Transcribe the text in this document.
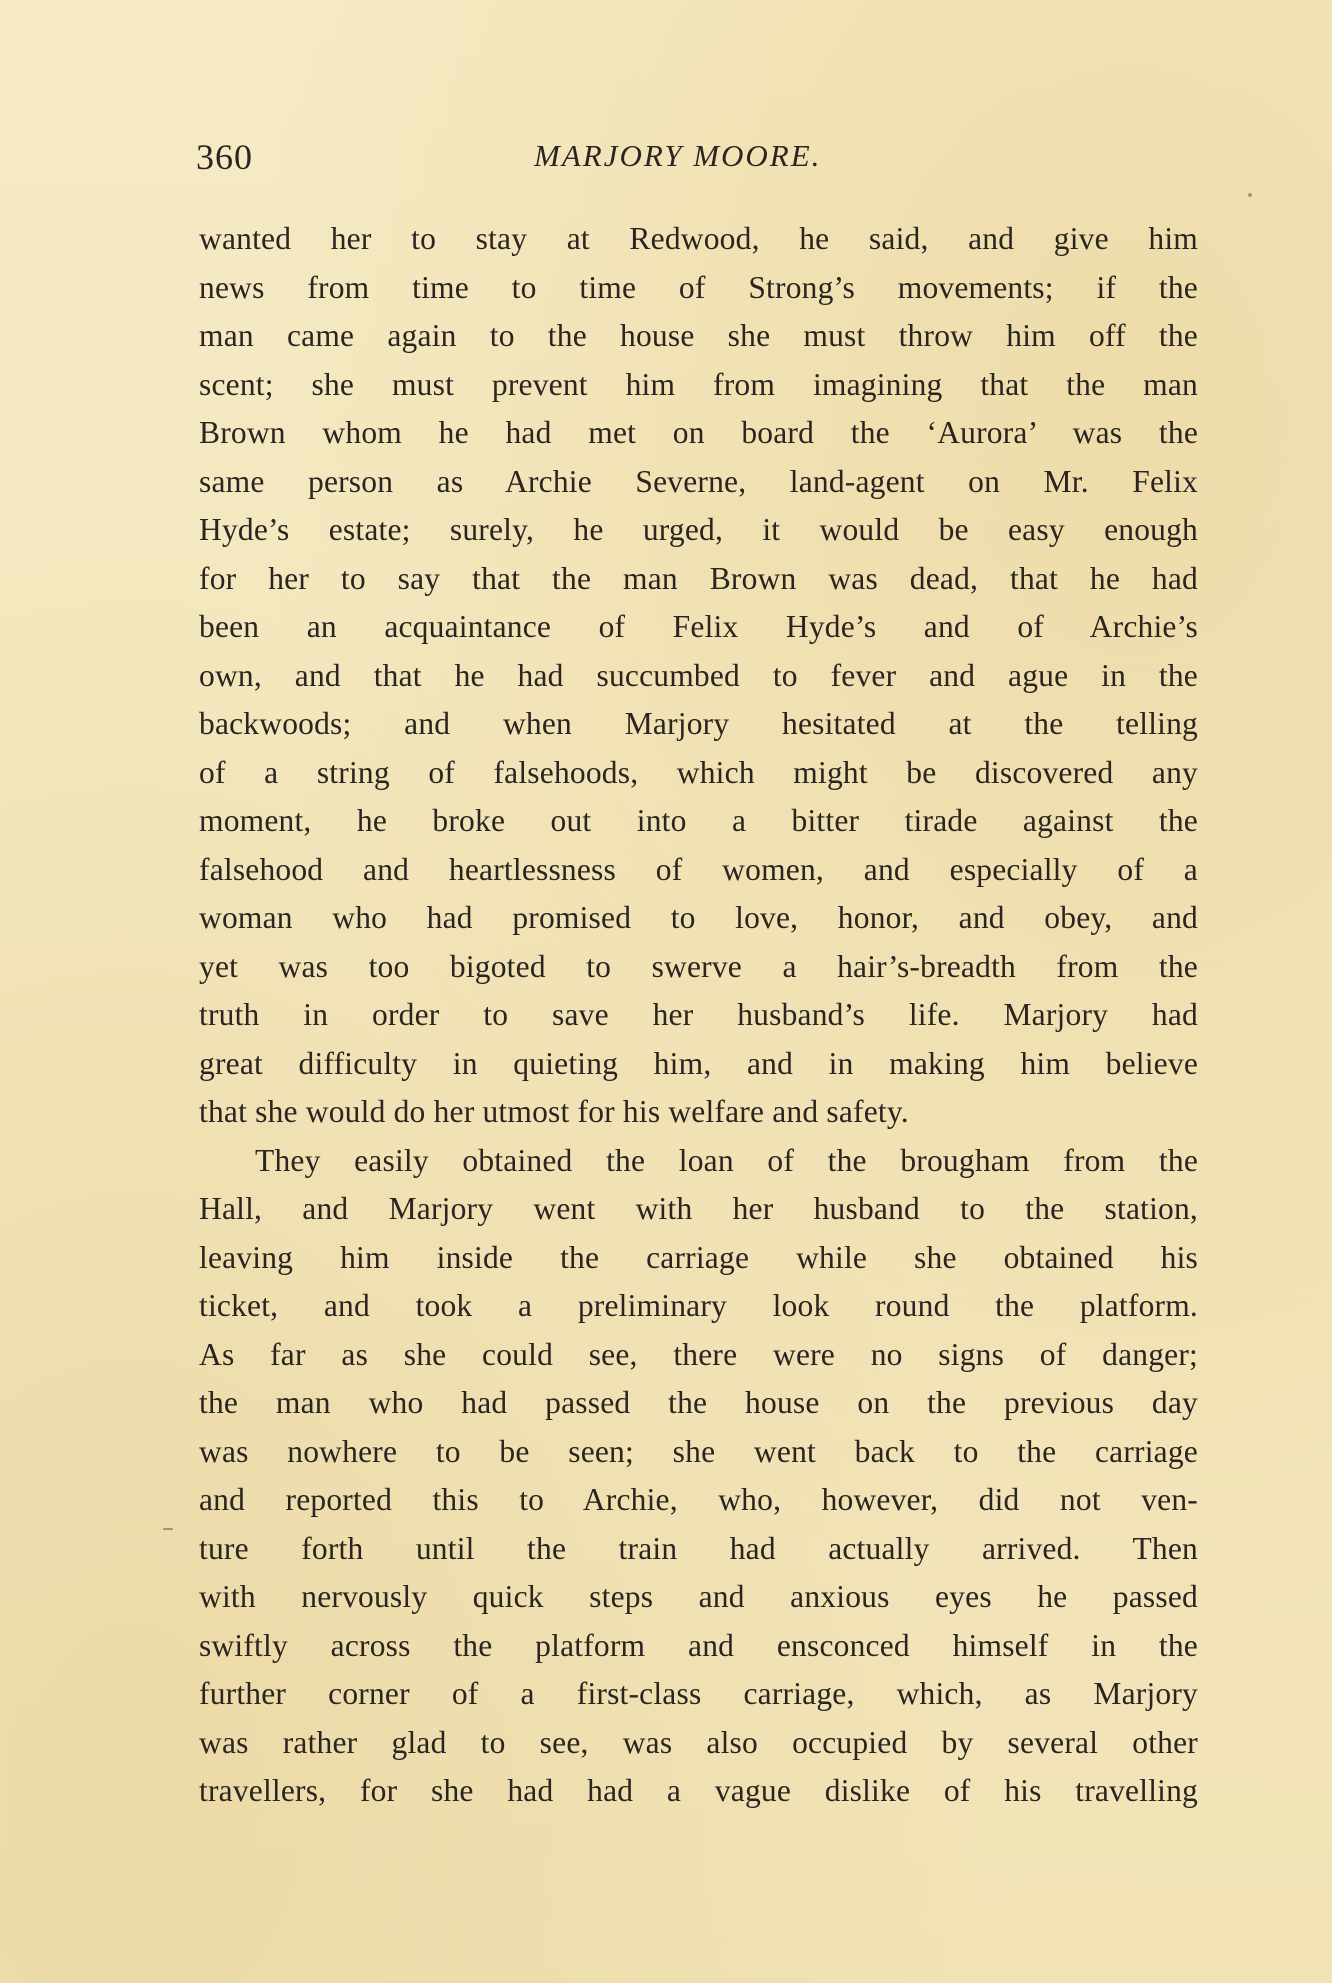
360	MARJORY MOORE.
wanted her to stay at Redwood, he said, and give him
news from time to time of Strong’s movements; if the
man came again to the house she must throw him off the
scent; she must prevent him from imagining that the man
Brown whom he had met on board the ‘Aurora’ was the
same person as Archie Severne, land-agent on Mr. Felix
Hyde’s estate; surely, he urged, it would be easy enough
for her to say that the man Brown was dead, that he had
been an acquaintance of Felix Hyde’s and of Archie’s
own, and that he had succumbed to fever and ague in the
backwoods; and when Marjory hesitated at the telling
of a string of falsehoods, which might be discovered any
moment, he broke out into a bitter tirade against the
falsehood and heartlessness of women, and especially of a
woman who had promised to love, honor, and obey, and
yet was too bigoted to swerve a hair’s-breadth from the
truth in order to save her husband’s life. Marjory had
great difficulty in quieting him, and in making him believe
that she would do her utmost for his welfare and safety.
They easily obtained the loan of the brougham from the
Hall, and Marjory went with her husband to the station,
leaving him inside the carriage while she obtained his
ticket, and took a preliminary look round the platform.
As far as she could see, there were no signs of danger;
the man who had passed the house on the previous day
was nowhere to be seen; she went back to the carriage
and reported this to Archie, who, however, did not ven-
ture forth until the train had actually arrived. Then
with nervously quick steps and anxious eyes he passed
swiftly across the platform and ensconced himself in the
further corner of a first-class carriage, which, as Marjory
was rather glad to see, was also occupied by several other
travellers, for she had had a vague dislike of his travelling
